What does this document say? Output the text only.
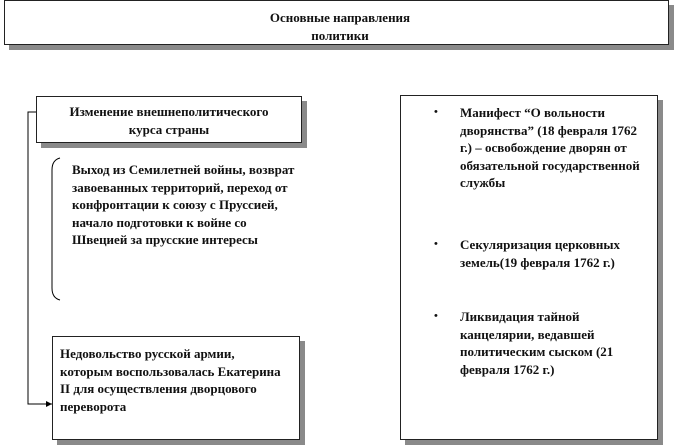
Основные направления
политики
Изменение внешнеполитического
курса страны
Выход из Семилетней войны, возврат завоеванных территорий, переход от конфронтации к союзу с Пруссией, начало подготовки к войне со Швецией за прусские интересы
Недовольство русской армии, которым воспользовалась Екатерина II для осуществления дворцового переворота
• Манифест “О вольности дворянства” (18 февраля 1762 г.) – освобождение дворян от обязательной государственной службы
• Секуляризация церковных земель(19 февраля 1762 г.)
• Ликвидация тайной канцелярии, ведавшей политическим сыском (21 февраля 1762 г.)
